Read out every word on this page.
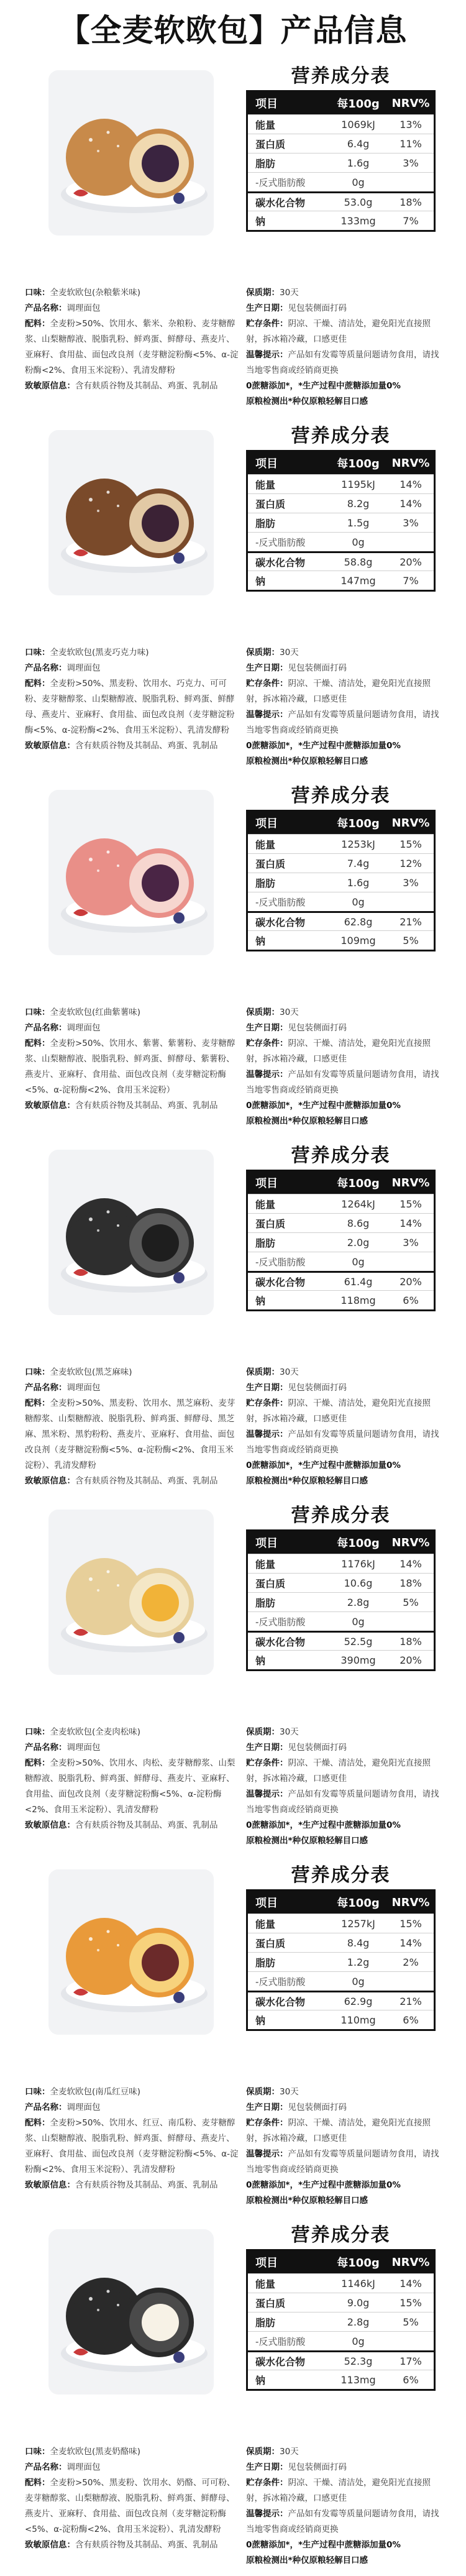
【全麦软欧包】产品信息
营养成分表
项目	每100g	NRV%
能量	1069kJ	13%
蛋白质	6.4g	11%
脂肪	1.6g	3%
-反式脂肪酸	0g
碳水化合物	53.0g	18%
钠	133mg	7%

口味：全麦软欧包(杂粮紫米味)

产品名称：调理面包

配料：全麦粉>50%、饮用水、紫米、杂粮粉、麦芽糖醇浆、山梨糖醇液、脱脂乳粉、鲜鸡蛋、鲜酵母、燕麦片、亚麻籽、食用盐、面包改良剂（麦芽糖淀粉酶<5%、α-淀粉酶<2%、食用玉米淀粉）、乳清发酵粉

致敏原信息：含有麸质谷物及其制品、鸡蛋、乳制品

保质期：30天

生产日期：见包装侧面打码

贮存条件：阴凉、干燥、清洁处，避免阳光直接照射，拆冰箱冷藏，口感更佳

温馨提示：产品如有发霉等质量问题请勿食用，请找当地零售商或经销商更换

0蔗糖添加*，*生产过程中蔗糖添加量0%

原粮检测出*种仅原粮轻解目口感

营养成分表
项目	每100g	NRV%
能量	1195kJ	14%
蛋白质	8.2g	14%
脂肪	1.5g	3%
-反式脂肪酸	0g
碳水化合物	58.8g	20%
钠	147mg	7%

口味：全麦软欧包(黑麦巧克力味)

产品名称：调理面包

配料：全麦粉>50%、黑麦粉、饮用水、巧克力、可可粉、麦芽糖醇浆、山梨糖醇液、脱脂乳粉、鲜鸡蛋、鲜酵母、燕麦片、亚麻籽、食用盐、面包改良剂（麦芽糖淀粉酶<5%、α-淀粉酶<2%、食用玉米淀粉）、乳清发酵粉

致敏原信息：含有麸质谷物及其制品、鸡蛋、乳制品

保质期：30天

生产日期：见包装侧面打码

贮存条件：阴凉、干燥、清洁处，避免阳光直接照射，拆冰箱冷藏，口感更佳

温馨提示：产品如有发霉等质量问题请勿食用，请找当地零售商或经销商更换

0蔗糖添加*，*生产过程中蔗糖添加量0%

原粮检测出*种仅原粮轻解目口感

营养成分表
项目	每100g	NRV%
能量	1253kJ	15%
蛋白质	7.4g	12%
脂肪	1.6g	3%
-反式脂肪酸	0g
碳水化合物	62.8g	21%
钠	109mg	5%

口味：全麦软欧包(红曲紫薯味)

产品名称：调理面包

配料：全麦粉>50%、饮用水、紫薯、紫薯粉、麦芽糖醇浆、山梨糖醇液、脱脂乳粉、鲜鸡蛋、鲜酵母、紫薯粉、燕麦片、亚麻籽、食用盐、面包改良剂（麦芽糖淀粉酶<5%、α-淀粉酶<2%、食用玉米淀粉）

致敏原信息：含有麸质谷物及其制品、鸡蛋、乳制品

保质期：30天

生产日期：见包装侧面打码

贮存条件：阴凉、干燥、清洁处，避免阳光直接照射，拆冰箱冷藏，口感更佳

温馨提示：产品如有发霉等质量问题请勿食用，请找当地零售商或经销商更换

0蔗糖添加*，*生产过程中蔗糖添加量0%

原粮检测出*种仅原粮轻解目口感

营养成分表
项目	每100g	NRV%
能量	1264kJ	15%
蛋白质	8.6g	14%
脂肪	2.0g	3%
-反式脂肪酸	0g
碳水化合物	61.4g	20%
钠	118mg	6%

口味：全麦软欧包(黑芝麻味)

产品名称：调理面包

配料：全麦粉>50%、黑麦粉、饮用水、黑芝麻粉、麦芽糖醇浆、山梨糖醇液、脱脂乳粉、鲜鸡蛋、鲜酵母、黑芝麻、黑米粉、黑豹粉粉、燕麦片、亚麻籽、食用盐、面包改良剂（麦芽糖淀粉酶<5%、α-淀粉酶<2%、食用玉米淀粉）、乳清发酵粉

致敏原信息：含有麸质谷物及其制品、鸡蛋、乳制品

保质期：30天

生产日期：见包装侧面打码

贮存条件：阴凉、干燥、清洁处，避免阳光直接照射，拆冰箱冷藏，口感更佳

温馨提示：产品如有发霉等质量问题请勿食用，请找当地零售商或经销商更换

0蔗糖添加*，*生产过程中蔗糖添加量0%

原粮检测出*种仅原粮轻解目口感

营养成分表
项目	每100g	NRV%
能量	1176kJ	14%
蛋白质	10.6g	18%
脂肪	2.8g	5%
-反式脂肪酸	0g
碳水化合物	52.5g	18%
钠	390mg	20%

口味：全麦软欧包(全麦肉松味)

产品名称：调理面包

配料：全麦粉>50%、饮用水、肉松、麦芽糖醇浆、山梨糖醇液、脱脂乳粉、鲜鸡蛋、鲜酵母、燕麦片、亚麻籽、食用盐、面包改良剂（麦芽糖淀粉酶<5%、α-淀粉酶<2%、食用玉米淀粉）、乳清发酵粉

致敏原信息：含有麸质谷物及其制品、鸡蛋、乳制品

保质期：30天

生产日期：见包装侧面打码

贮存条件：阴凉、干燥、清洁处，避免阳光直接照射，拆冰箱冷藏，口感更佳

温馨提示：产品如有发霉等质量问题请勿食用，请找当地零售商或经销商更换

0蔗糖添加*，*生产过程中蔗糖添加量0%

原粮检测出*种仅原粮轻解目口感

营养成分表
项目	每100g	NRV%
能量	1257kJ	15%
蛋白质	8.4g	14%
脂肪	1.2g	2%
-反式脂肪酸	0g
碳水化合物	62.9g	21%
钠	110mg	6%

口味：全麦软欧包(南瓜红豆味)

产品名称：调理面包

配料：全麦粉>50%、饮用水、红豆、南瓜粉、麦芽糖醇浆、山梨糖醇液、脱脂乳粉、鲜鸡蛋、鲜酵母、燕麦片、亚麻籽、食用盐、面包改良剂（麦芽糖淀粉酶<5%、α-淀粉酶<2%、食用玉米淀粉）、乳清发酵粉

致敏原信息：含有麸质谷物及其制品、鸡蛋、乳制品

保质期：30天

生产日期：见包装侧面打码

贮存条件：阴凉、干燥、清洁处，避免阳光直接照射，拆冰箱冷藏，口感更佳

温馨提示：产品如有发霉等质量问题请勿食用，请找当地零售商或经销商更换

0蔗糖添加*，*生产过程中蔗糖添加量0%

原粮检测出*种仅原粮轻解目口感

营养成分表
项目	每100g	NRV%
能量	1146kJ	14%
蛋白质	9.0g	15%
脂肪	2.8g	5%
-反式脂肪酸	0g
碳水化合物	52.3g	17%
钠	113mg	6%

口味：全麦软欧包(黑麦奶酪味)

产品名称：调理面包

配料：全麦粉>50%、黑麦粉、饮用水、奶酪、可可粉、麦芽糖醇浆、山梨糖醇液、脱脂乳粉、鲜鸡蛋、鲜酵母、燕麦片、亚麻籽、食用盐、面包改良剂（麦芽糖淀粉酶<5%、α-淀粉酶<2%、食用玉米淀粉）、乳清发酵粉

致敏原信息：含有麸质谷物及其制品、鸡蛋、乳制品

保质期：30天

生产日期：见包装侧面打码

贮存条件：阴凉、干燥、清洁处，避免阳光直接照射，拆冰箱冷藏，口感更佳

温馨提示：产品如有发霉等质量问题请勿食用，请找当地零售商或经销商更换

0蔗糖添加*，*生产过程中蔗糖添加量0%

原粮检测出*种仅原粮轻解目口感
